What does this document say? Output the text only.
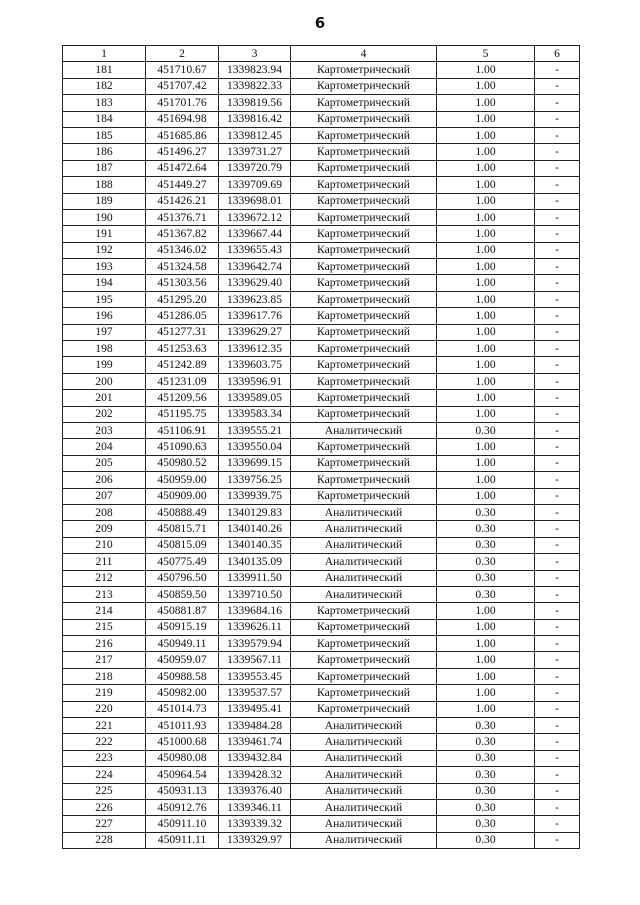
6
1	2	3	4	5	6
181	451710.67	1339823.94	Картометрический	1.00	-
182	451707.42	1339822.33	Картометрический	1.00	-
183	451701.76	1339819.56	Картометрический	1.00	-
184	451694.98	1339816.42	Картометрический	1.00	-
185	451685.86	1339812.45	Картометрический	1.00	-
186	451496.27	1339731.27	Картометрический	1.00	-
187	451472.64	1339720.79	Картометрический	1.00	-
188	451449.27	1339709.69	Картометрический	1.00	-
189	451426.21	1339698.01	Картометрический	1.00	-
190	451376.71	1339672.12	Картометрический	1.00	-
191	451367.82	1339667.44	Картометрический	1.00	-
192	451346.02	1339655.43	Картометрический	1.00	-
193	451324.58	1339642.74	Картометрический	1.00	-
194	451303.56	1339629.40	Картометрический	1.00	-
195	451295.20	1339623.85	Картометрический	1.00	-
196	451286.05	1339617.76	Картометрический	1.00	-
197	451277.31	1339629.27	Картометрический	1.00	-
198	451253.63	1339612.35	Картометрический	1.00	-
199	451242.89	1339603.75	Картометрический	1.00	-
200	451231.09	1339596.91	Картометрический	1.00	-
201	451209.56	1339589.05	Картометрический	1.00	-
202	451195.75	1339583.34	Картометрический	1.00	-
203	451106.91	1339555.21	Аналитический	0.30	-
204	451090.63	1339550.04	Картометрический	1.00	-
205	450980.52	1339699.15	Картометрический	1.00	-
206	450959.00	1339756.25	Картометрический	1.00	-
207	450909.00	1339939.75	Картометрический	1.00	-
208	450888.49	1340129.83	Аналитический	0.30	-
209	450815.71	1340140.26	Аналитический	0.30	-
210	450815.09	1340140.35	Аналитический	0.30	-
211	450775.49	1340135.09	Аналитический	0.30	-
212	450796.50	1339911.50	Аналитический	0.30	-
213	450859.50	1339710.50	Аналитический	0.30	-
214	450881.87	1339684.16	Картометрический	1.00	-
215	450915.19	1339626.11	Картометрический	1.00	-
216	450949.11	1339579.94	Картометрический	1.00	-
217	450959.07	1339567.11	Картометрический	1.00	-
218	450988.58	1339553.45	Картометрический	1.00	-
219	450982.00	1339537.57	Картометрический	1.00	-
220	451014.73	1339495.41	Картометрический	1.00	-
221	451011.93	1339484.28	Аналитический	0.30	-
222	451000.68	1339461.74	Аналитический	0.30	-
223	450980.08	1339432.84	Аналитический	0.30	-
224	450964.54	1339428.32	Аналитический	0.30	-
225	450931.13	1339376.40	Аналитический	0.30	-
226	450912.76	1339346.11	Аналитический	0.30	-
227	450911.10	1339339.32	Аналитический	0.30	-
228	450911.11	1339329.97	Аналитический	0.30	-
